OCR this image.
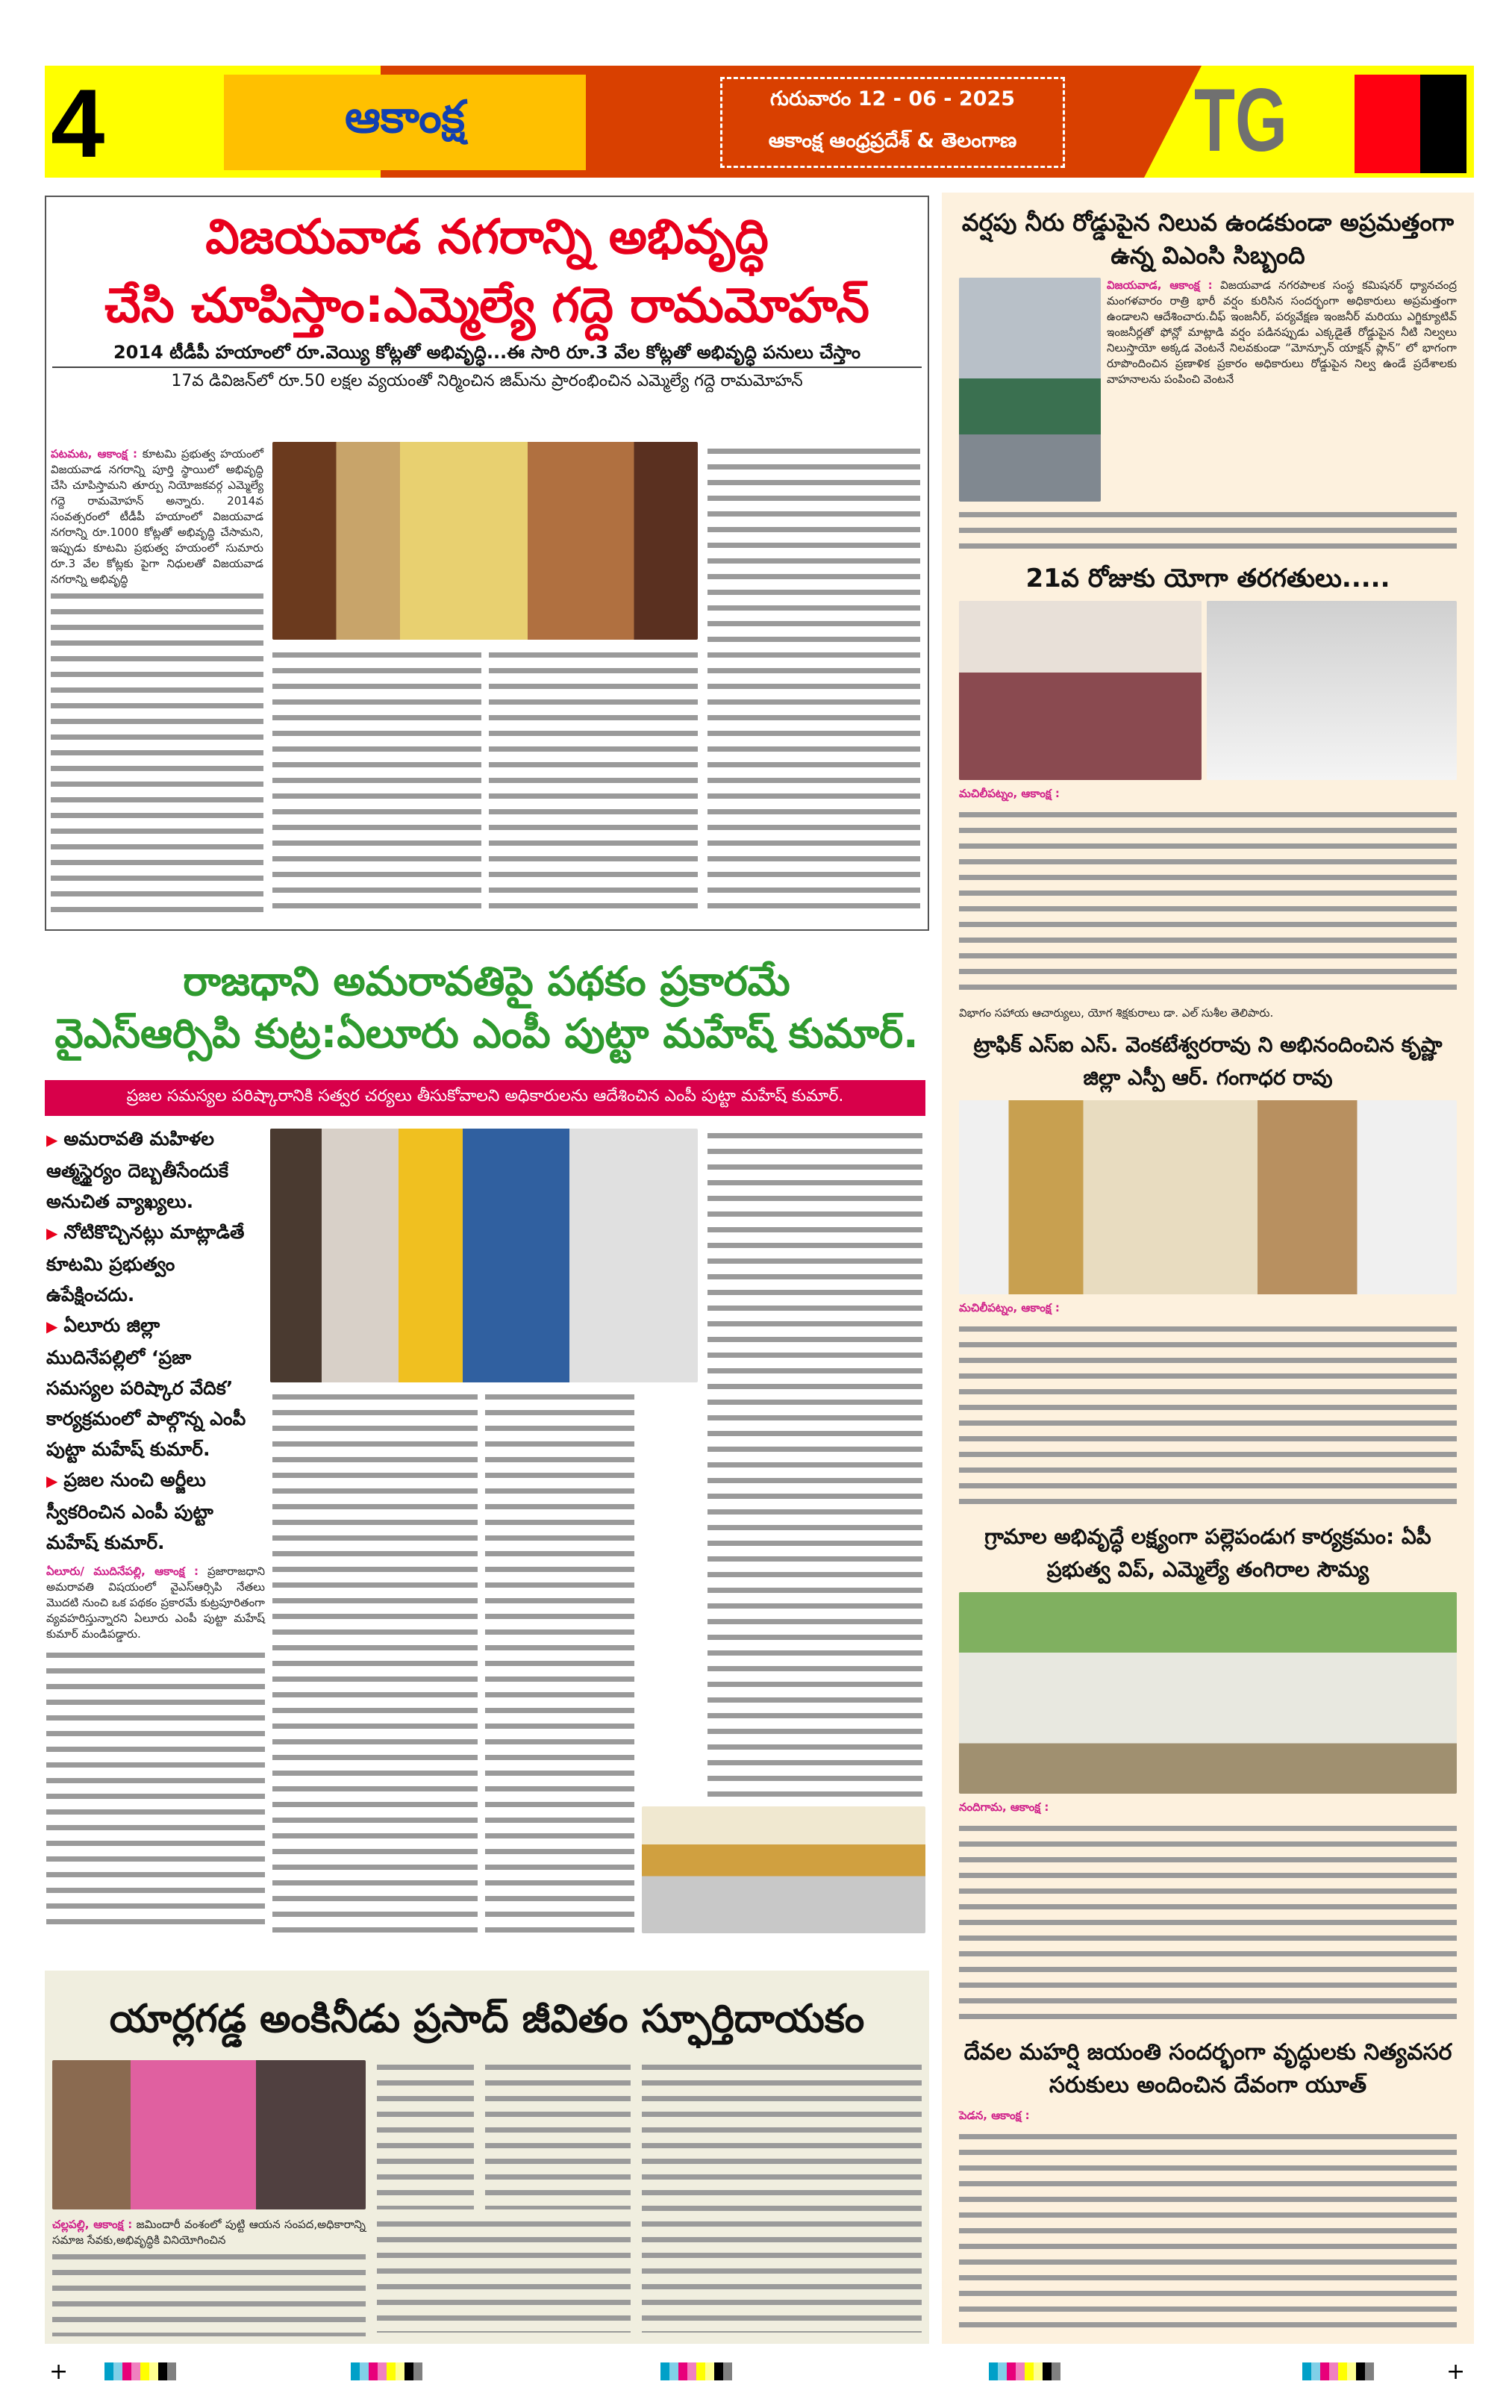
4	ఆకాంక్ష	గురువారం 12 - 06 - 2025
ఆకాంక్ష ఆంధ్రప్రదేశ్ & తెలంగాణ	TG
విజయవాడ నగరాన్ని అభివృద్ధి
చేసి చూపిస్తాం:ఎమ్మెల్యే గద్దె రామమోహన్
2014 టీడీపీ హయాంలో రూ.వెయ్యి కోట్లతో అభివృద్ధి...ఈ సారి రూ.3 వేల కోట్లతో అభివృద్ధి పనులు చేస్తాం
17వ డివిజన్‌లో రూ.50 లక్షల వ్యయంతో నిర్మించిన జిమ్‌ను ప్రారంభించిన ఎమ్మెల్యే గద్దె రామమోహన్
పటమట, ఆకాంక్ష : కూటమి ప్రభుత్వ హయంలో విజయవాడ నగరాన్ని పూర్తి స్థాయిలో అభివృద్ధి చేసి చూపిస్తామని తూర్పు నియోజకవర్గ ఎమ్మెల్యే గద్దె రామమోహన్ అన్నారు. 2014వ సంవత్సరంలో టీడీపీ హయాంలో విజయవాడ నగరాన్ని రూ.1000 కోట్లతో అభివృద్ధి చేసామని, ఇప్పుడు కూటమి ప్రభుత్వ హయంలో సుమారు రూ.3 వేల కోట్లకు పైగా నిధులతో విజయవాడ నగరాన్ని అభివృద్ధి
రాజధాని అమరావతిపై పథకం ప్రకారమే
వైఎస్ఆర్సిపి కుట్ర:ఏలూరు ఎంపీ పుట్టా మహేష్ కుమార్.
ప్రజల సమస్యల పరిష్కారానికి సత్వర చర్యలు తీసుకోవాలని అధికారులను ఆదేశించిన ఎంపీ పుట్టా మహేష్ కుమార్.
▶ అమరావతి మహిళల ఆత్మస్థైర్యం దెబ్బతీసేందుకే అనుచిత వ్యాఖ్యలు.
▶ నోటికొచ్చినట్లు మాట్లాడితే కూటమి ప్రభుత్వం ఉపేక్షించదు.
▶ ఏలూరు జిల్లా ముదినేపల్లిలో ‘ప్రజా సమస్యల పరిష్కార వేదిక’ కార్యక్రమంలో పాల్గొన్న ఎంపీ పుట్టా మహేష్ కుమార్.
▶ ప్రజల నుంచి అర్జీలు స్వీకరించిన ఎంపీ పుట్టా మహేష్ కుమార్.
ఏలూరు/ ముదినేపల్లి, ఆకాంక్ష : ప్రజారాజధాని అమరావతి విషయంలో వైఎస్ఆర్సిపి నేతలు మొదటి నుంచి ఒక పథకం ప్రకారమే కుట్రపూరితంగా వ్యవహరిస్తున్నారని ఏలూరు ఎంపీ పుట్టా మహేష్ కుమార్ మండిపడ్డారు.
యార్లగడ్డ అంకినీడు ప్రసాద్ జీవితం స్ఫూర్తిదాయకం
చల్లపల్లి, ఆకాంక్ష : జమిందారీ వంశంలో పుట్టి ఆయన సంపద,అధికారాన్ని సమాజ సేవకు,అభివృద్ధికి వినియోగించిన
వర్షపు నీరు రోడ్డుపైన నిలువ ఉండకుండా అప్రమత్తంగా ఉన్న విఎంసి సిబ్బంది
విజయవాడ, ఆకాంక్ష : విజయవాడ నగరపాలక సంస్థ కమిషనర్ ధ్యానచంద్ర మంగళవారం రాత్రి భారీ వర్షం కురిసిన సందర్భంగా అధికారులు అప్రమత్తంగా ఉండాలని ఆదేశించారు.చీఫ్ ఇంజనీర్, పర్యవేక్షణ ఇంజనీర్ మరియు ఎగ్జిక్యూటివ్ ఇంజనీర్లతో ఫోన్లో మాట్లాడి వర్షం పడినప్పుడు ఎక్కడైతే రోడ్డుపైన నీటి నిల్వలు నిలుస్తాయో అక్కడ వెంటనే నిలవకుండా “మోన్సూన్ యాక్షన్ ప్లాన్” లో భాగంగా రూపొందించిన ప్రణాళిక ప్రకారం అధికారులు రోడ్డుపైన నిల్వ ఉండే ప్రదేశాలకు వాహనాలను పంపించి వెంటనే
21వ రోజుకు యోగా తరగతులు.....
మచిలీపట్నం, ఆకాంక్ష :
విభాగం సహాయ ఆచార్యులు, యోగ శిక్షకురాలు డా. ఎల్ సుశీల తెలిపారు.
ట్రాఫిక్ ఎస్ఐ ఎస్. వెంకటేశ్వరరావు ని అభినందించిన కృష్ణా జిల్లా ఎస్పీ ఆర్. గంగాధర రావు
మచిలీపట్నం, ఆకాంక్ష :
గ్రామాల అభివృద్ధే లక్ష్యంగా పల్లెపండుగ కార్యక్రమం: ఏపీ ప్రభుత్వ విప్, ఎమ్మెల్యే తంగిరాల సౌమ్య
నందిగామ, ఆకాంక్ష :
దేవల మహర్షి జయంతి సందర్భంగా వృద్ధులకు నిత్యవసర సరుకులు అందించిన దేవంగా యూత్
పెడన, ఆకాంక్ష :
+	+
